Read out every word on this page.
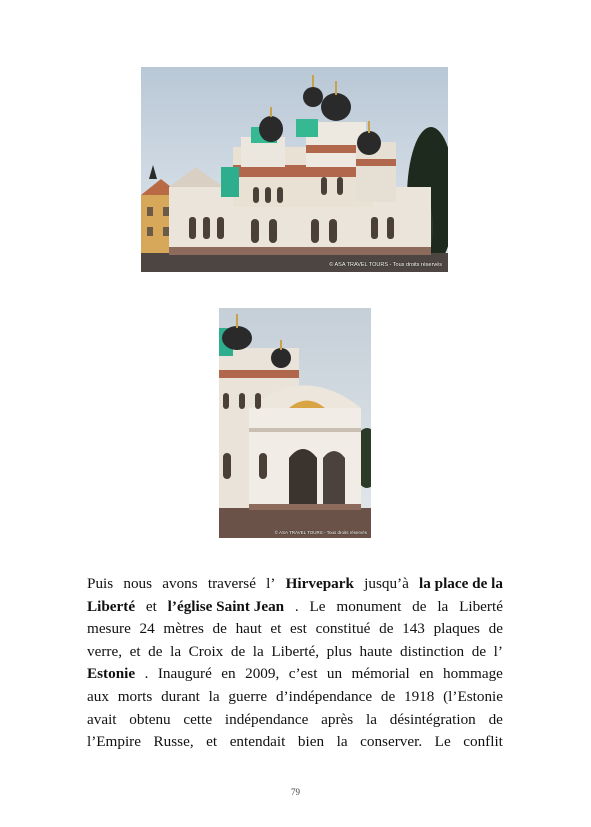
© ASA TRAVEL TOURS - Tous droits réservés
© ASA TRAVEL TOURS - Tous droits réservés
Puis nous avons traversé l’ Hirvepark jusqu’à la place de la
Liberté et l’église Saint Jean . Le monument de la Liberté
mesure 24 mètres de haut et est constitué de 143 plaques de
verre, et de la Croix de la Liberté, plus haute distinction de l’
Estonie . Inauguré en 2009, c’est un mémorial en hommage
aux morts durant la guerre d’indépendance de 1918 (l’Estonie
avait obtenu cette indépendance après la désintégration de
l’Empire Russe, et entendait bien la conserver. Le conflit
79
